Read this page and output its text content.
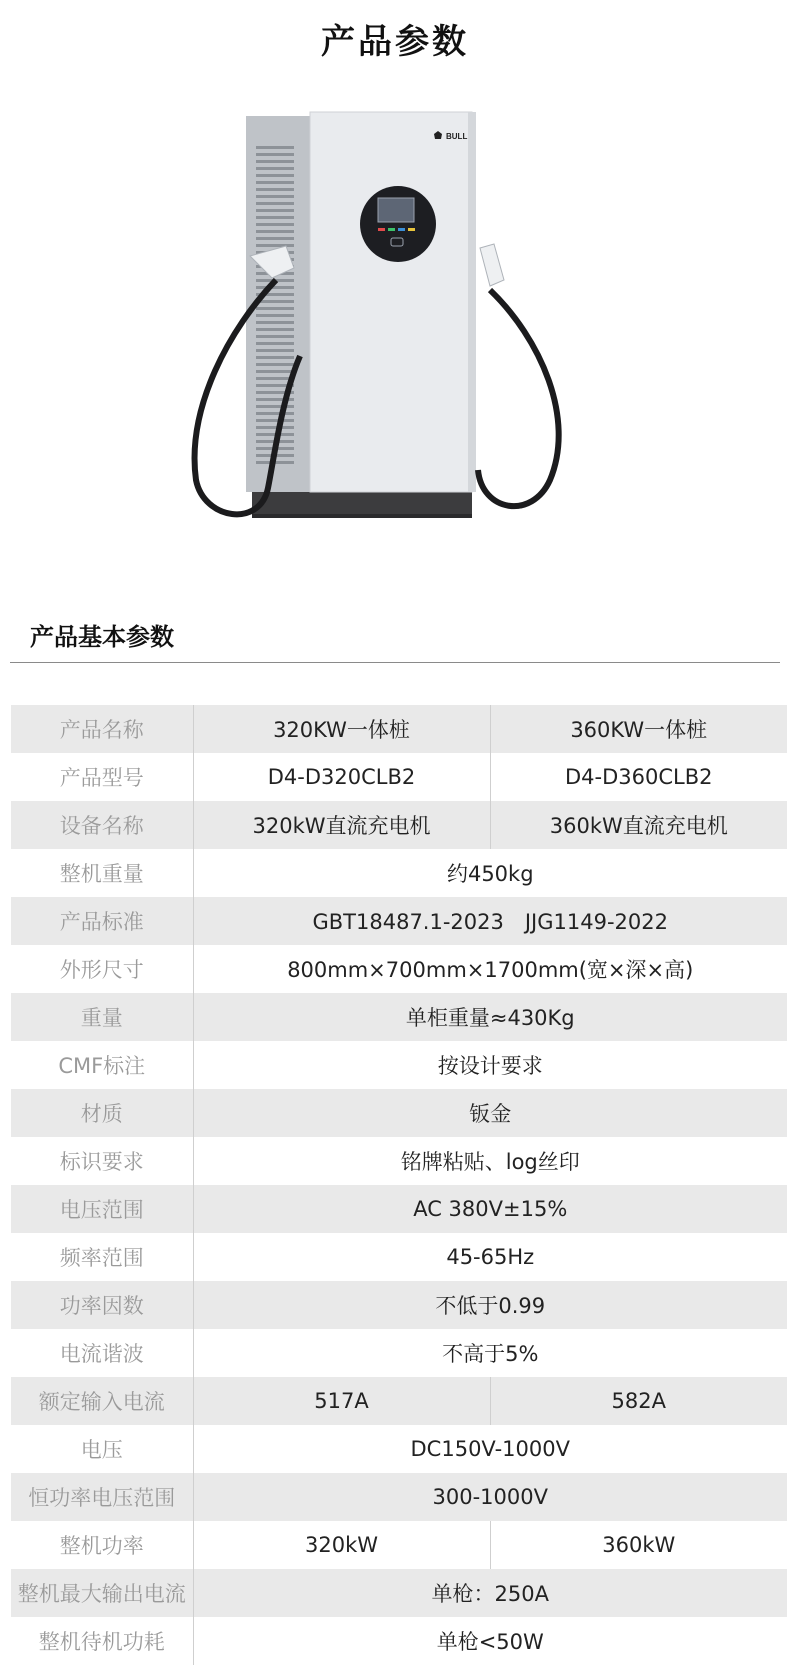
产品参数
BULL
产品基本参数
产品名称	320KW一体桩	360KW一体桩
产品型号	D4-D320CLB2	D4-D360CLB2
设备名称	320kW直流充电机	360kW直流充电机
整机重量	约450kg	
产品标准	GBT18487.1-2023　JJG1149-2022	
外形尺寸	800mm×700mm×1700mm(宽×深×高)	
重量	单柜重量≈430Kg	
CMF标注	按设计要求	
材质	钣金	
标识要求	铭牌粘贴、log丝印	
电压范围	AC 380V±15%	
频率范围	45-65Hz	
功率因数	不低于0.99	
电流谐波	不高于5%	
额定输入电流	517A	582A
电压	DC150V-1000V	
恒功率电压范围	300-1000V	
整机功率	320kW	360kW
整机最大输出电流	单枪：250A	
整机待机功耗	单枪<50W	
